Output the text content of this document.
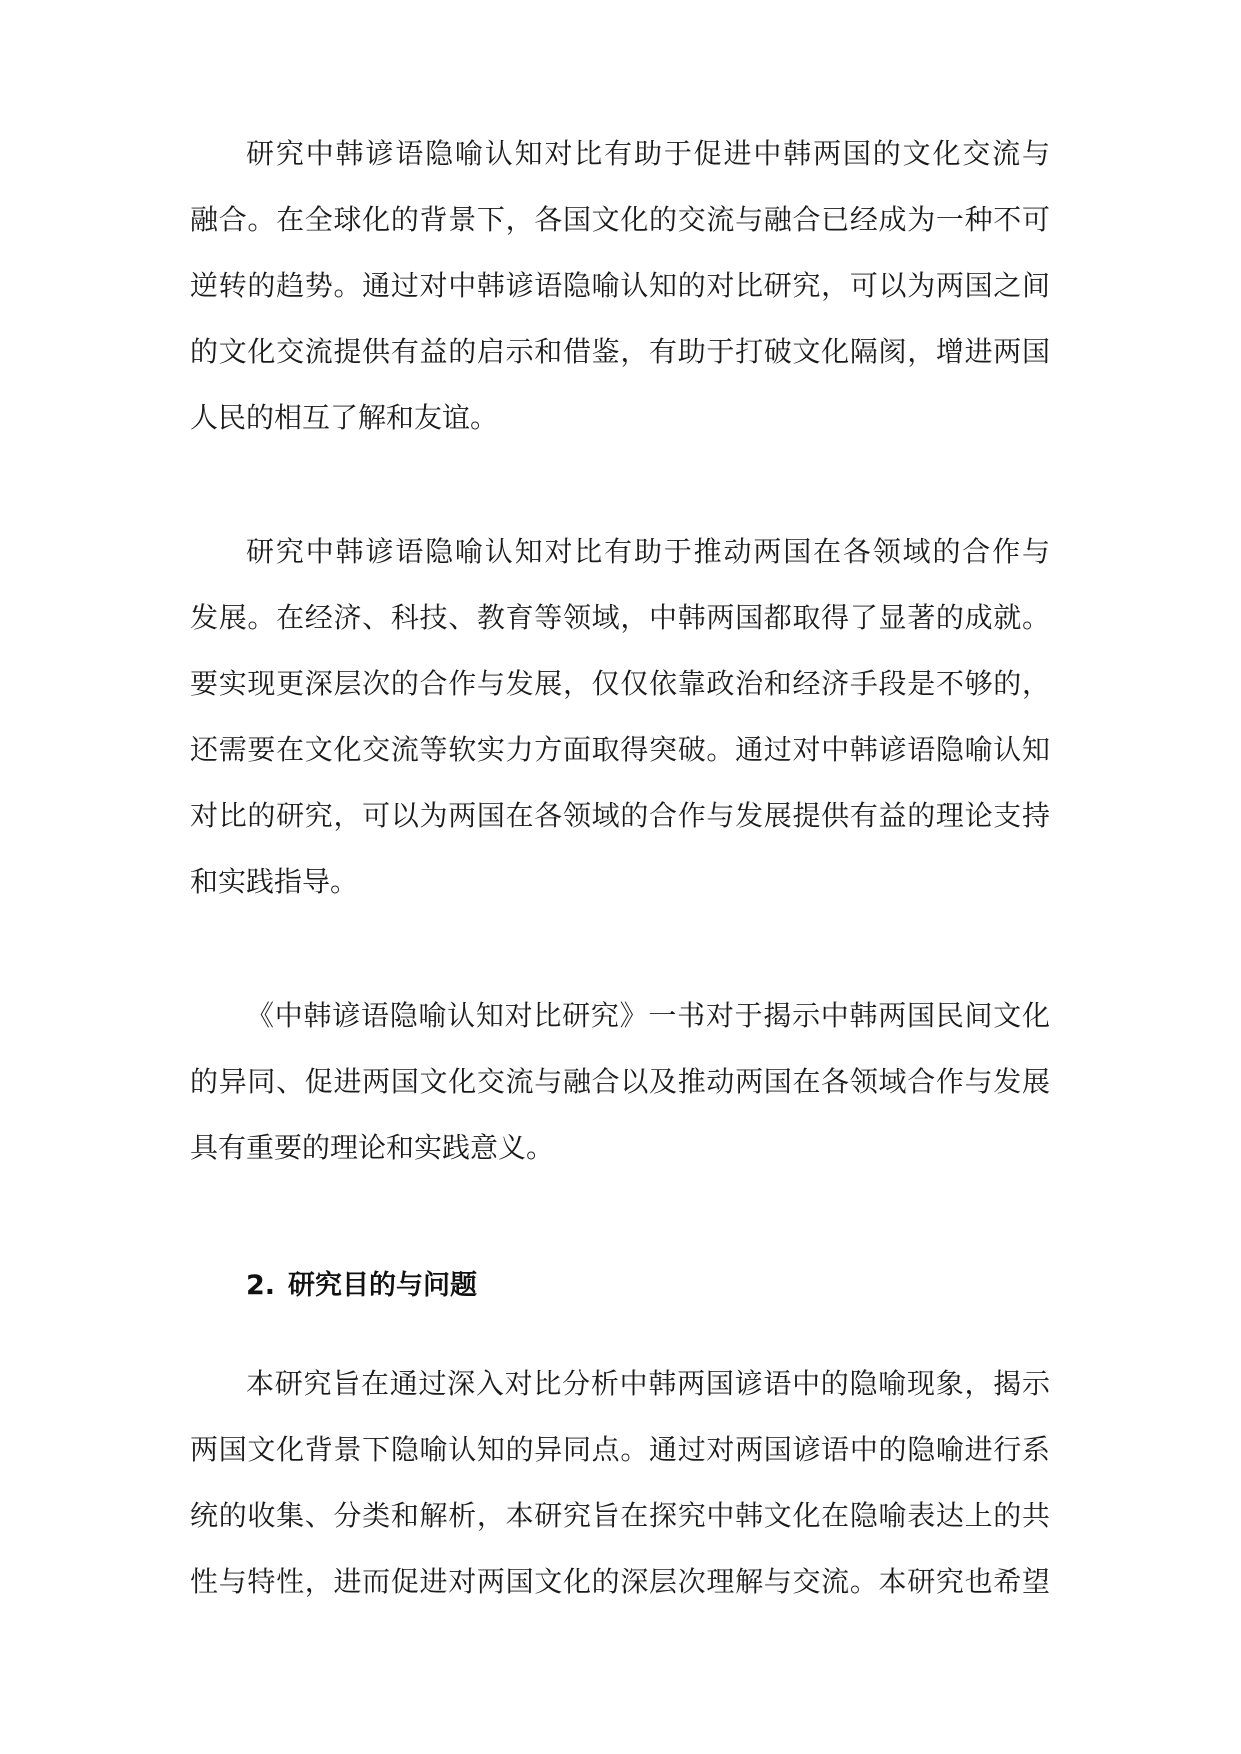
研究中韩谚语隐喻认知对比有助于促进中韩两国的文化交流与
融合。在全球化的背景下，各国文化的交流与融合已经成为一种不可
逆转的趋势。通过对中韩谚语隐喻认知的对比研究，可以为两国之间
的文化交流提供有益的启示和借鉴，有助于打破文化隔阂，增进两国
人民的相互了解和友谊。
研究中韩谚语隐喻认知对比有助于推动两国在各领域的合作与
发展。在经济、科技、教育等领域，中韩两国都取得了显著的成就。
要实现更深层次的合作与发展，仅仅依靠政治和经济手段是不够的，
还需要在文化交流等软实力方面取得突破。通过对中韩谚语隐喻认知
对比的研究，可以为两国在各领域的合作与发展提供有益的理论支持
和实践指导。
《中韩谚语隐喻认知对比研究》一书对于揭示中韩两国民间文化
的异同、促进两国文化交流与融合以及推动两国在各领域合作与发展
具有重要的理论和实践意义。
2. 研究目的与问题
本研究旨在通过深入对比分析中韩两国谚语中的隐喻现象，揭示
两国文化背景下隐喻认知的异同点。通过对两国谚语中的隐喻进行系
统的收集、分类和解析，本研究旨在探究中韩文化在隐喻表达上的共
性与特性，进而促进对两国文化的深层次理解与交流。本研究也希望
